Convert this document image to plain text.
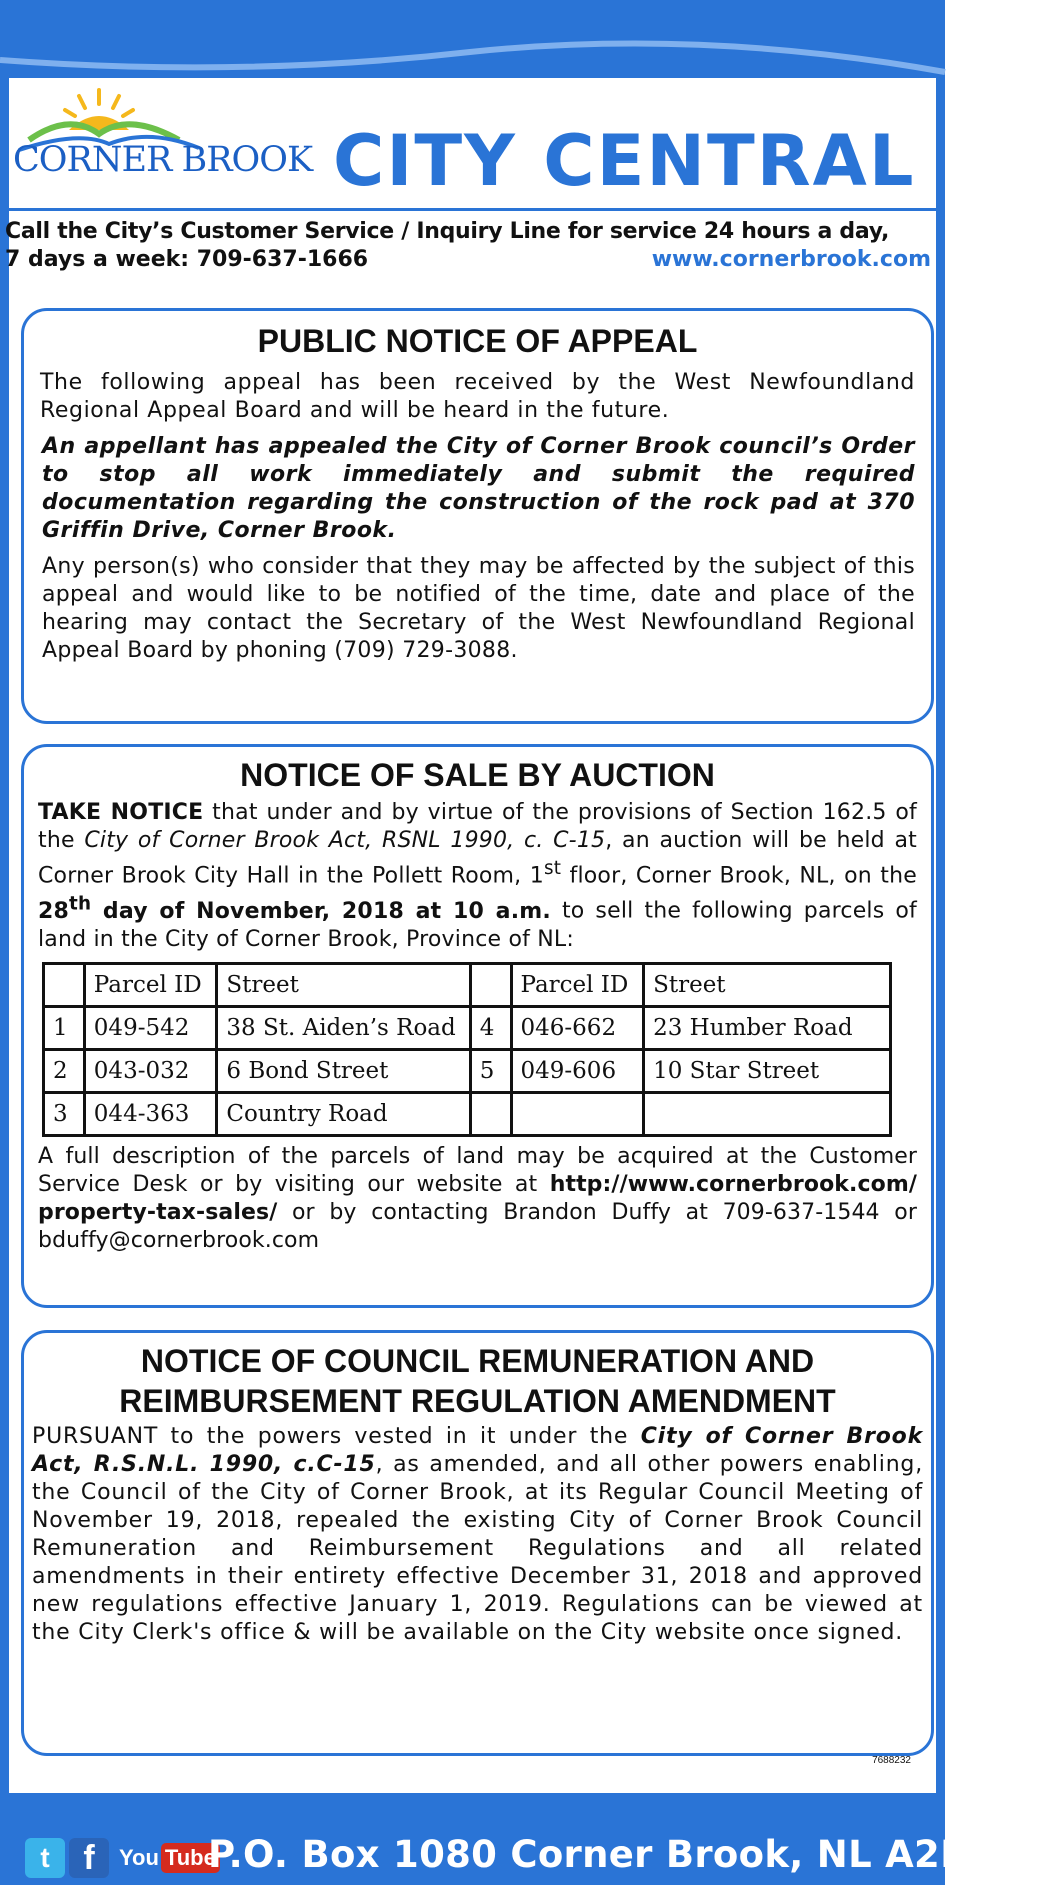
CORNER BROOK CITY CENTRAL
Call the City’s Customer Service / Inquiry Line for service 24 hours a day,
7 days a week: 709-637-1666	www.cornerbrook.com
PUBLIC NOTICE OF APPEAL

The following appeal has been received by the West Newfoundland Regional Appeal Board and will be heard in the future.

An appellant has appealed the City of Corner Brook council’s Order to stop all work immediately and submit the required documentation regarding the construction of the rock pad at 370 Griffin Drive, Corner Brook.

Any person(s) who consider that they may be affected by the subject of this appeal and would like to be notified of the time, date and place of the hearing may contact the Secretary of the West Newfoundland Regional Appeal Board by phoning (709) 729-3088.

NOTICE OF SALE BY AUCTION

TAKE NOTICE that under and by virtue of the provisions of Section 162.5 of the City of Corner Brook Act, RSNL 1990, c. C-15, an auction will be held at Corner Brook City Hall in the Pollett Room, 1st floor, Corner Brook, NL, on the 28th day of November, 2018 at 10 a.m. to sell the following parcels of land in the City of Corner Brook, Province of NL:

	Parcel ID	Street		Parcel ID	Street
1	049-542	38 St. Aiden’s Road	4	046-662	23 Humber Road
2	043-032	6 Bond Street	5	049-606	10 Star Street
3	044-363	Country Road			

A full description of the parcels of land may be acquired at the Customer Service Desk or by visiting our website at http://www.cornerbrook.com/ property-tax-sales/ or by contacting Brandon Duffy at 709-637-1544 or bduffy@cornerbrook.com

NOTICE OF COUNCIL REMUNERATION AND
REIMBURSEMENT REGULATION AMENDMENT

PURSUANT to the powers vested in it under the City of Corner Brook Act, R.S.N.L. 1990, c.C-15, as amended, and all other powers enabling, the Council of the City of Corner Brook, at its Regular Council Meeting of November 19, 2018, repealed the existing City of Corner Brook Council Remuneration and Reimbursement Regulations and all related amendments in their entirety effective December 31, 2018 and approved new regulations effective January 1, 2019. Regulations can be viewed at the City Clerk's office & will be available on the City website once signed.

7688232
t f	You Tube
P.O. Box 1080 Corner Brook, NL A2H 6E1
